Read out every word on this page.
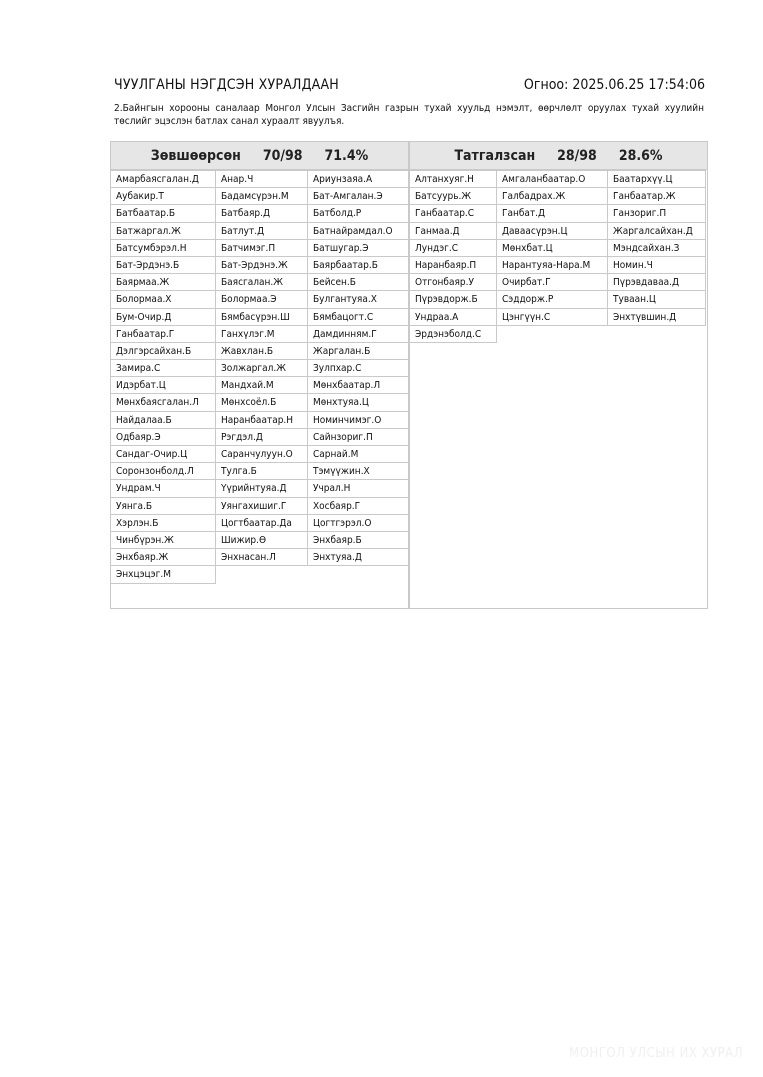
ЧУУЛГАНЫ НЭГДСЭН ХУРАЛДААН	Огноо: 2025.06.25 17:54:06
2.Байнгын хорооны саналаар Монгол Улсын Засгийн газрын тухай хуульд нэмэлт, өөрчлөлт оруулах тухай хуулийн төслийг эцэслэн батлах санал хураалт явуулъя.
Зөвшөөрсөн 70/98 71.4%
Амарбаясгалан.Д	Анар.Ч	Ариунзаяа.А
Аубакир.Т	Бадамсүрэн.М	Бат-Амгалан.Э
Батбаатар.Б	Батбаяр.Д	Батболд.Р
Батжаргал.Ж	Батлут.Д	Батнайрамдал.О
Батсумбэрэл.Н	Батчимэг.П	Батшугар.Э
Бат-Эрдэнэ.Б	Бат-Эрдэнэ.Ж	Баярбаатар.Б
Баярмаа.Ж	Баясгалан.Ж	Бейсен.Б
Болормаа.Х	Болормаа.Э	Булгантуяа.Х
Бум-Очир.Д	Бямбасүрэн.Ш	Бямбацогт.С
Ганбаатар.Г	Ганхүлэг.М	Дамдинням.Г
Дэлгэрсайхан.Б	Жавхлан.Б	Жаргалан.Б
Замира.С	Золжаргал.Ж	Зулпхар.С
Идэрбат.Ц	Мандхай.М	Мөнхбаатар.Л
Мөнхбаясгалан.Л	Мөнхсоёл.Б	Мөнхтуяа.Ц
Найдалаа.Б	Наранбаатар.Н	Номинчимэг.О
Одбаяр.Э	Рэгдэл.Д	Сайнзориг.П
Сандаг-Очир.Ц	Саранчулуун.О	Сарнай.М
Соронзонболд.Л	Тулга.Б	Тэмүүжин.Х
Ундрам.Ч	Үүрийнтуяа.Д	Учрал.Н
Уянга.Б	Уянгахишиг.Г	Хосбаяр.Г
Хэрлэн.Б	Цогтбаатар.Да	Цогтгэрэл.О
Чинбүрэн.Ж	Шижир.Ө	Энхбаяр.Б
Энхбаяр.Ж	Энхнасан.Л	Энхтуяа.Д
Энхцэцэг.М
Татгалзсан 28/98 28.6%
Алтанхуяг.Н	Амгаланбаатар.О	Баатархүү.Ц
Батсуурь.Ж	Галбадрах.Ж	Ганбаатар.Ж
Ганбаатар.С	Ганбат.Д	Ганзориг.П
Ганмаа.Д	Даваасүрэн.Ц	Жаргалсайхан.Д
Лундэг.С	Мөнхбат.Ц	Мэндсайхан.З
Наранбаяр.П	Нарантуяа-Нара.М	Номин.Ч
Отгонбаяр.У	Очирбат.Г	Пүрэвдаваа.Д
Пүрэвдорж.Б	Сэддорж.Р	Туваан.Ц
Ундраа.А	Цэнгүүн.С	Энхтүвшин.Д
Эрдэнэболд.С
МОНГОЛ УЛСЫН ИХ ХУРАЛ
